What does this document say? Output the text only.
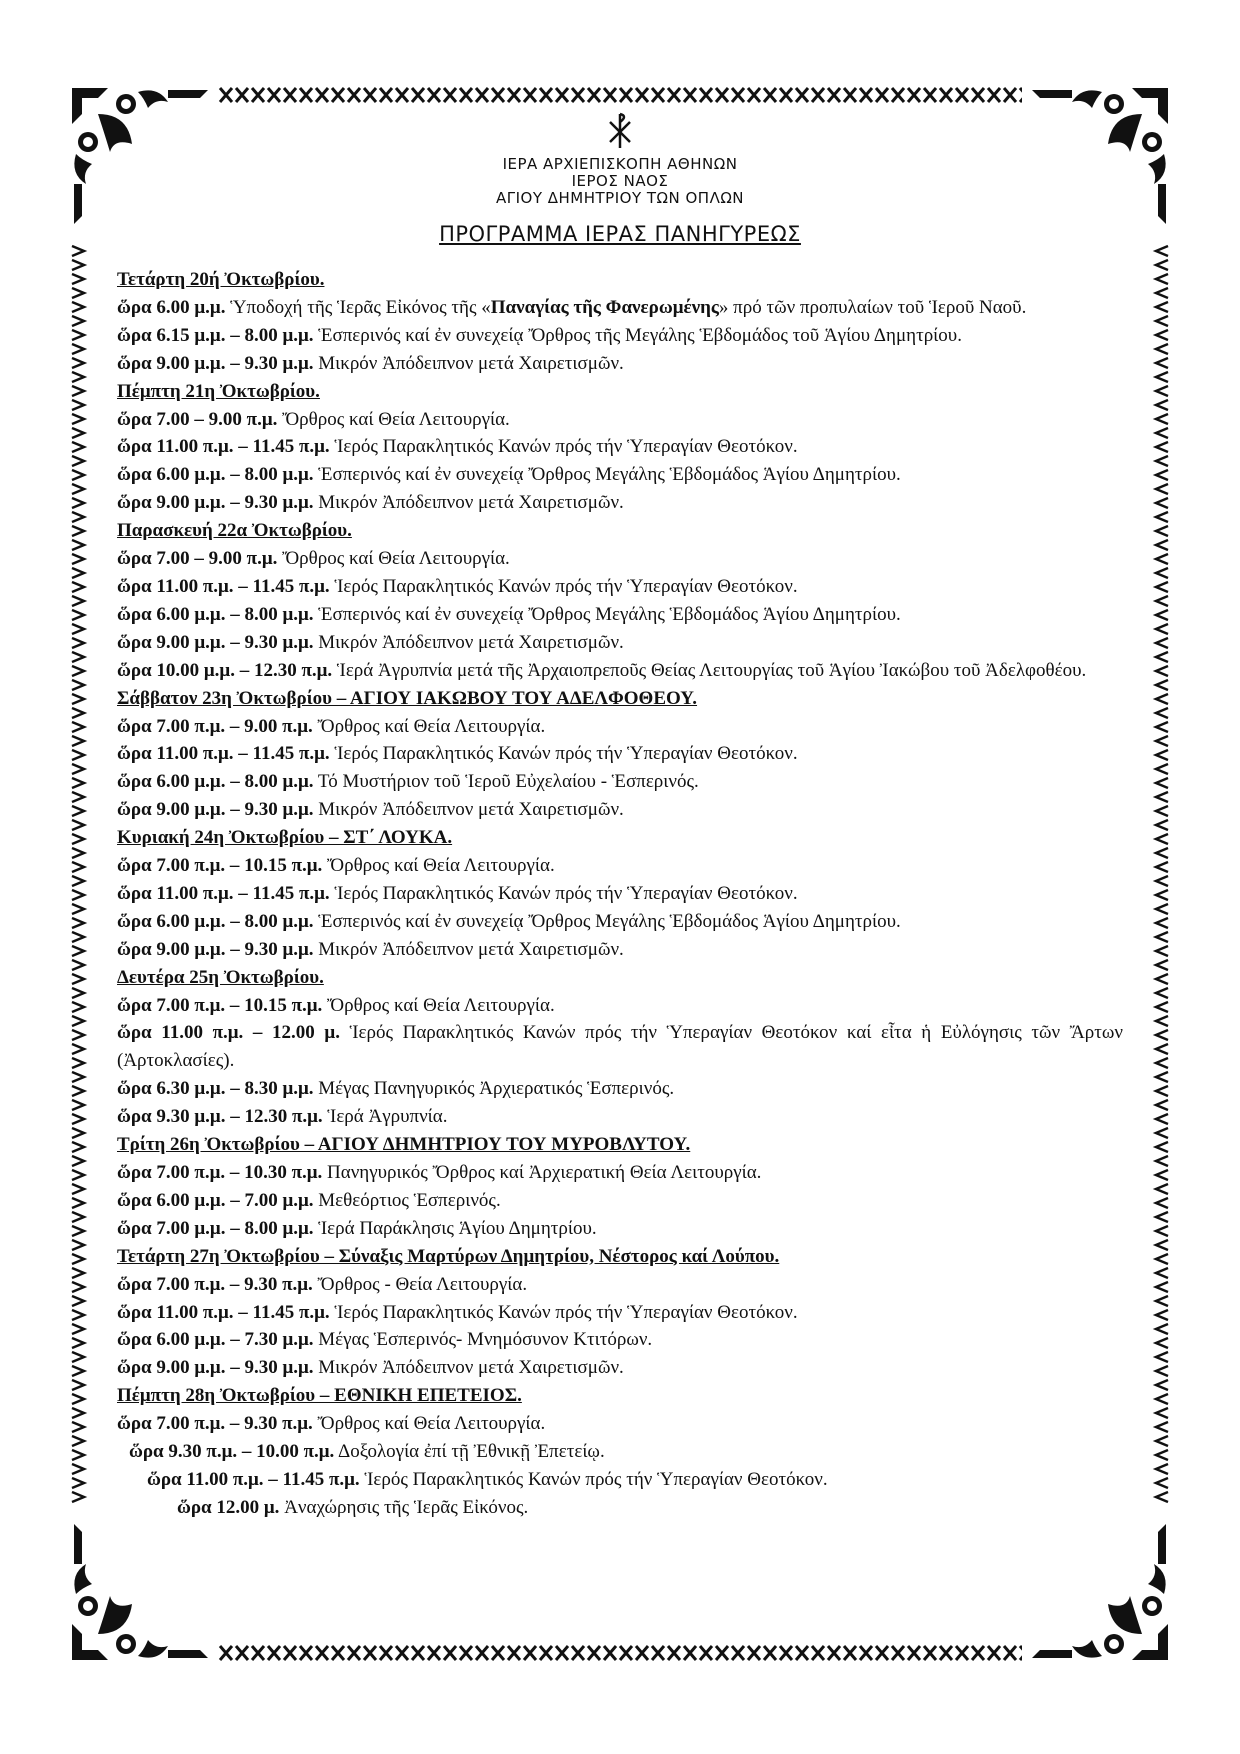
ΙΕΡΑ ΑΡΧΙΕΠΙΣΚΟΠΗ ΑΘΗΝΩΝ
ΙΕΡΟΣ ΝΑΟΣ
ΑΓΙΟΥ ΔΗΜΗΤΡΙΟΥ ΤΩΝ ΟΠΛΩΝ
ΠΡΟΓΡΑΜΜΑ ΙΕΡΑΣ ΠΑΝΗΓΥΡΕΩΣ

Τετάρτη 20ή Ὀκτωβρίου.

ὥρα 6.00 μ.μ. Ὑποδοχή τῆς Ἱερᾶς Εἰκόνος τῆς «Παναγίας τῆς Φανερωμένης» πρό τῶν προπυλαίων τοῦ Ἱεροῦ Ναοῦ.

ὥρα 6.15 μ.μ. – 8.00 μ.μ. Ἑσπερινός καί ἐν συνεχείᾳ Ὄρθρος τῆς Μεγάλης Ἑβδομάδος τοῦ Ἁγίου Δημητρίου.

ὥρα 9.00 μ.μ. – 9.30 μ.μ. Μικρόν Ἀπόδειπνον μετά Χαιρετισμῶν.

Πέμπτη 21η Ὀκτωβρίου.

ὥρα 7.00 – 9.00 π.μ. Ὄρθρος καί Θεία Λειτουργία.

ὥρα 11.00 π.μ. – 11.45 π.μ. Ἱερός Παρακλητικός Κανών πρός τήν Ὑπεραγίαν Θεοτόκον.

ὥρα 6.00 μ.μ. – 8.00 μ.μ. Ἑσπερινός καί ἐν συνεχείᾳ Ὄρθρος Μεγάλης Ἑβδομάδος Ἁγίου Δημητρίου.

ὥρα 9.00 μ.μ. – 9.30 μ.μ. Μικρόν Ἀπόδειπνον μετά Χαιρετισμῶν.

Παρασκευή 22α Ὀκτωβρίου.

ὥρα 7.00 – 9.00 π.μ. Ὄρθρος καί Θεία Λειτουργία.

ὥρα 11.00 π.μ. – 11.45 π.μ. Ἱερός Παρακλητικός Κανών πρός τήν Ὑπεραγίαν Θεοτόκον.

ὥρα 6.00 μ.μ. – 8.00 μ.μ. Ἑσπερινός καί ἐν συνεχείᾳ Ὄρθρος Μεγάλης Ἑβδομάδος Ἁγίου Δημητρίου.

ὥρα 9.00 μ.μ. – 9.30 μ.μ. Μικρόν Ἀπόδειπνον μετά Χαιρετισμῶν.

ὥρα 10.00 μ.μ. – 12.30 π.μ. Ἱερά Ἀγρυπνία μετά τῆς Ἀρχαιοπρεποῦς Θείας Λειτουργίας τοῦ Ἁγίου Ἰακώβου τοῦ Ἀδελφοθέου.

Σάββατον 23η Ὀκτωβρίου – ΑΓΙΟΥ ΙΑΚΩΒΟΥ ΤΟΥ ΑΔΕΛΦΟΘΕΟΥ.

ὥρα 7.00 π.μ. – 9.00 π.μ. Ὄρθρος καί Θεία Λειτουργία.

ὥρα 11.00 π.μ. – 11.45 π.μ. Ἱερός Παρακλητικός Κανών πρός τήν Ὑπεραγίαν Θεοτόκον.

ὥρα 6.00 μ.μ. – 8.00 μ.μ. Τό Μυστήριον τοῦ Ἱεροῦ Εὐχελαίου - Ἑσπερινός.

ὥρα 9.00 μ.μ. – 9.30 μ.μ. Μικρόν Ἀπόδειπνον μετά Χαιρετισμῶν.

Κυριακή 24η Ὀκτωβρίου – ΣΤ΄ ΛΟΥΚΑ.

ὥρα 7.00 π.μ. – 10.15 π.μ. Ὄρθρος καί Θεία Λειτουργία.

ὥρα 11.00 π.μ. – 11.45 π.μ. Ἱερός Παρακλητικός Κανών πρός τήν Ὑπεραγίαν Θεοτόκον.

ὥρα 6.00 μ.μ. – 8.00 μ.μ. Ἑσπερινός καί ἐν συνεχείᾳ Ὄρθρος Μεγάλης Ἑβδομάδος Ἁγίου Δημητρίου.

ὥρα 9.00 μ.μ. – 9.30 μ.μ. Μικρόν Ἀπόδειπνον μετά Χαιρετισμῶν.

Δευτέρα 25η Ὀκτωβρίου.

ὥρα 7.00 π.μ. – 10.15 π.μ. Ὄρθρος καί Θεία Λειτουργία.

ὥρα 11.00 π.μ. – 12.00 μ. Ἱερός Παρακλητικός Κανών πρός τήν Ὑπεραγίαν Θεοτόκον καί εἶτα ἡ Εὐλόγησις τῶν Ἄρτων (Ἀρτοκλασίες).

ὥρα 6.30 μ.μ. – 8.30 μ.μ. Μέγας Πανηγυρικός Ἀρχιερατικός Ἑσπερινός.

ὥρα 9.30 μ.μ. – 12.30 π.μ. Ἱερά Ἀγρυπνία.

Τρίτη 26η Ὀκτωβρίου – ΑΓΙΟΥ ΔΗΜΗΤΡΙΟΥ ΤΟΥ ΜΥΡΟΒΛΥΤΟΥ.

ὥρα 7.00 π.μ. – 10.30 π.μ. Πανηγυρικός Ὄρθρος καί Ἀρχιερατική Θεία Λειτουργία.

ὥρα 6.00 μ.μ. – 7.00 μ.μ. Μεθεόρτιος Ἑσπερινός.

ὥρα 7.00 μ.μ. – 8.00 μ.μ. Ἱερά Παράκλησις Ἁγίου Δημητρίου.

Τετάρτη 27η Ὀκτωβρίου – Σύναξις Μαρτύρων Δημητρίου, Νέστορος καί Λούπου.

ὥρα 7.00 π.μ. – 9.30 π.μ. Ὄρθρος - Θεία Λειτουργία.

ὥρα 11.00 π.μ. – 11.45 π.μ. Ἱερός Παρακλητικός Κανών πρός τήν Ὑπεραγίαν Θεοτόκον.

ὥρα 6.00 μ.μ. – 7.30 μ.μ. Μέγας Ἑσπερινός- Μνημόσυνον Κτιτόρων.

ὥρα 9.00 μ.μ. – 9.30 μ.μ. Μικρόν Ἀπόδειπνον μετά Χαιρετισμῶν.

Πέμπτη 28η Ὀκτωβρίου – ΕΘΝΙΚΗ ΕΠΕΤΕΙΟΣ.

ὥρα 7.00 π.μ. – 9.30 π.μ. Ὄρθρος καί Θεία Λειτουργία.

ὥρα 9.30 π.μ. – 10.00 π.μ. Δοξολογία ἐπί τῇ Ἐθνικῇ Ἐπετείῳ.

ὥρα 11.00 π.μ. – 11.45 π.μ. Ἱερός Παρακλητικός Κανών πρός τήν Ὑπεραγίαν Θεοτόκον.

ὥρα 12.00 μ. Ἀναχώρησις τῆς Ἱερᾶς Εἰκόνος.
